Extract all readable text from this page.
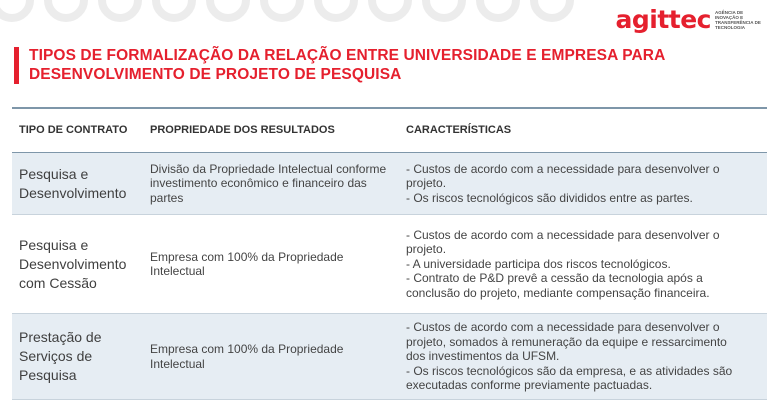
agittec AGÊNCIA DE INOVAÇÃO E TRANSFERÊNCIA DE TECNOLOGIA
TIPOS DE FORMALIZAÇÃO DA RELAÇÃO ENTRE UNIVERSIDADE E EMPRESA PARA DESENVOLVIMENTO DE PROJETO DE PESQUISA
TIPO DE CONTRATO	PROPRIEDADE DOS RESULTADOS	CARACTERÍSTICAS
Pesquisa e Desenvolvimento
Divisão da Propriedade Intelectual conforme investimento econômico e financeiro das partes
- Custos de acordo com a necessidade para desenvolver o projeto.
- Os riscos tecnológicos são divididos entre as partes.
Pesquisa e Desenvolvimento com Cessão
Empresa com 100% da Propriedade Intelectual
- Custos de acordo com a necessidade para desenvolver o projeto.
- A universidade participa dos riscos tecnológicos.
- Contrato de P&D prevê a cessão da tecnologia após a conclusão do projeto, mediante compensação financeira.
Prestação de Serviços de Pesquisa
Empresa com 100% da Propriedade Intelectual
- Custos de acordo com a necessidade para desenvolver o projeto, somados à remuneração da equipe e ressarcimento dos investimentos da UFSM.
- Os riscos tecnológicos são da empresa, e as atividades são executadas conforme previamente pactuadas.
